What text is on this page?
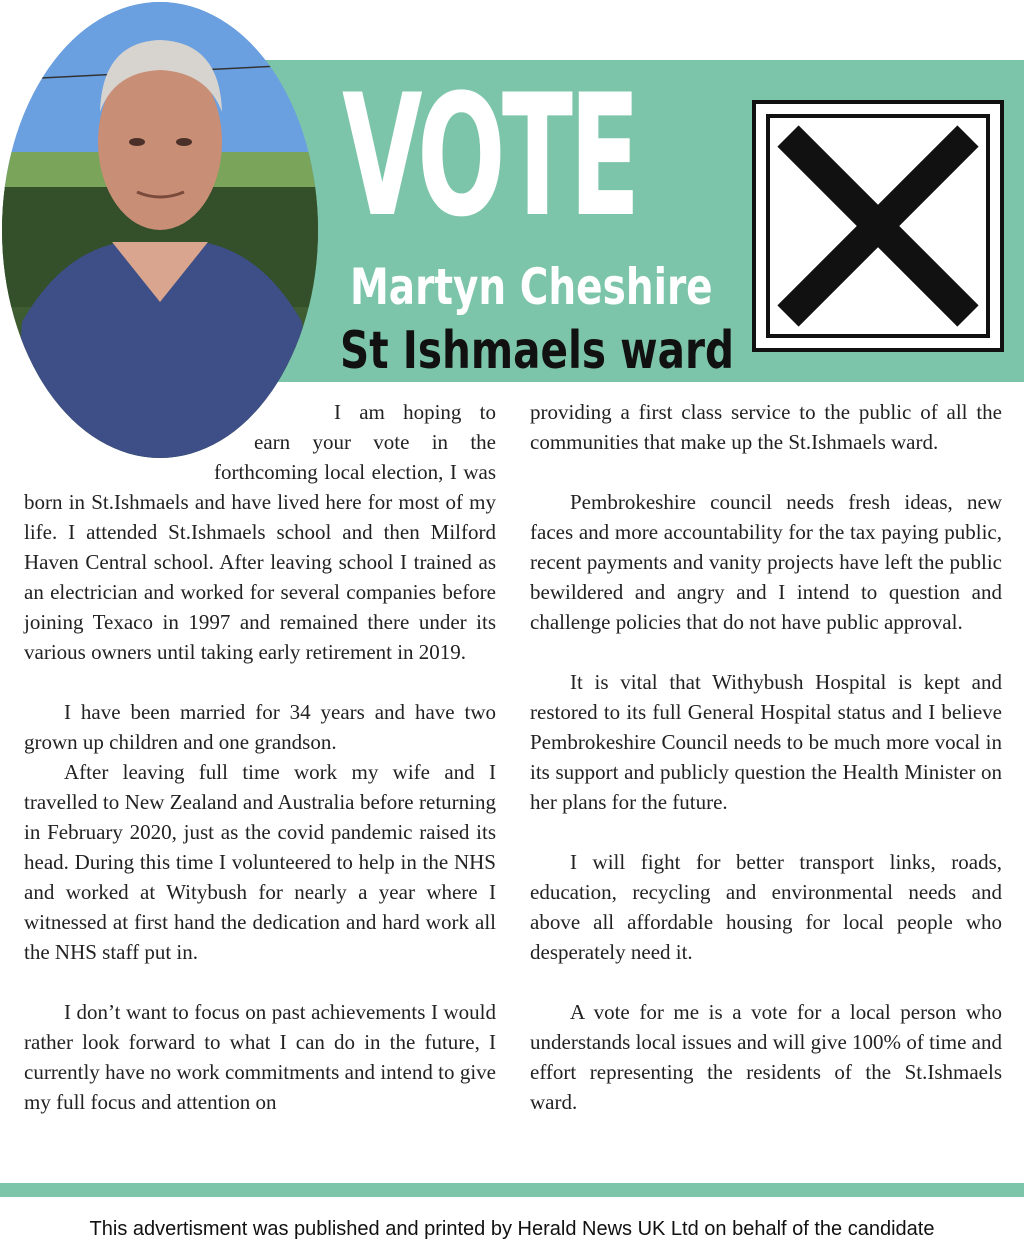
VOTE
Martyn Cheshire
St Ishmaels ward

I am hoping to earn your vote in the forthcoming local election, I was born in St.Ishmaels and have lived here for most of my life. I attended St.Ishmaels school and then Milford Haven Central school. After leaving school I trained as an electrician and worked for several companies before joining Texaco in 1997 and remained there under its various owners until taking early retirement in 2019.

I have been married for 34 years and have two grown up children and one grandson.

After leaving full time work my wife and I travelled to New Zealand and Australia before returning in February 2020, just as the covid pandemic raised its head. During this time I volunteered to help in the NHS and worked at Witybush for nearly a year where I witnessed at first hand the dedication and hard work all the NHS staff put in.

I don’t want to focus on past achievements I would rather look forward to what I can do in the future, I currently have no work commitments and intend to give my full focus and attention on

providing a first class service to the public of all the communities that make up the St.Ishmaels ward.

Pembrokeshire council needs fresh ideas, new faces and more accountability for the tax paying public, recent payments and vanity projects have left the public bewildered and angry and I intend to question and challenge policies that do not have public approval.

It is vital that Withybush Hospital is kept and restored to its full General Hospital status and I believe Pembrokeshire Council needs to be much more vocal in its support and publicly question the Health Minister on her plans for the future.

I will fight for better transport links, roads, education, recycling and environmental needs and above all affordable housing for local people who desperately need it.

A vote for me is a vote for a local person who understands local issues and will give 100% of time and effort representing the residents of the St.Ishmaels ward.

This advertisment was published and printed by Herald News UK Ltd on behalf of the candidate
